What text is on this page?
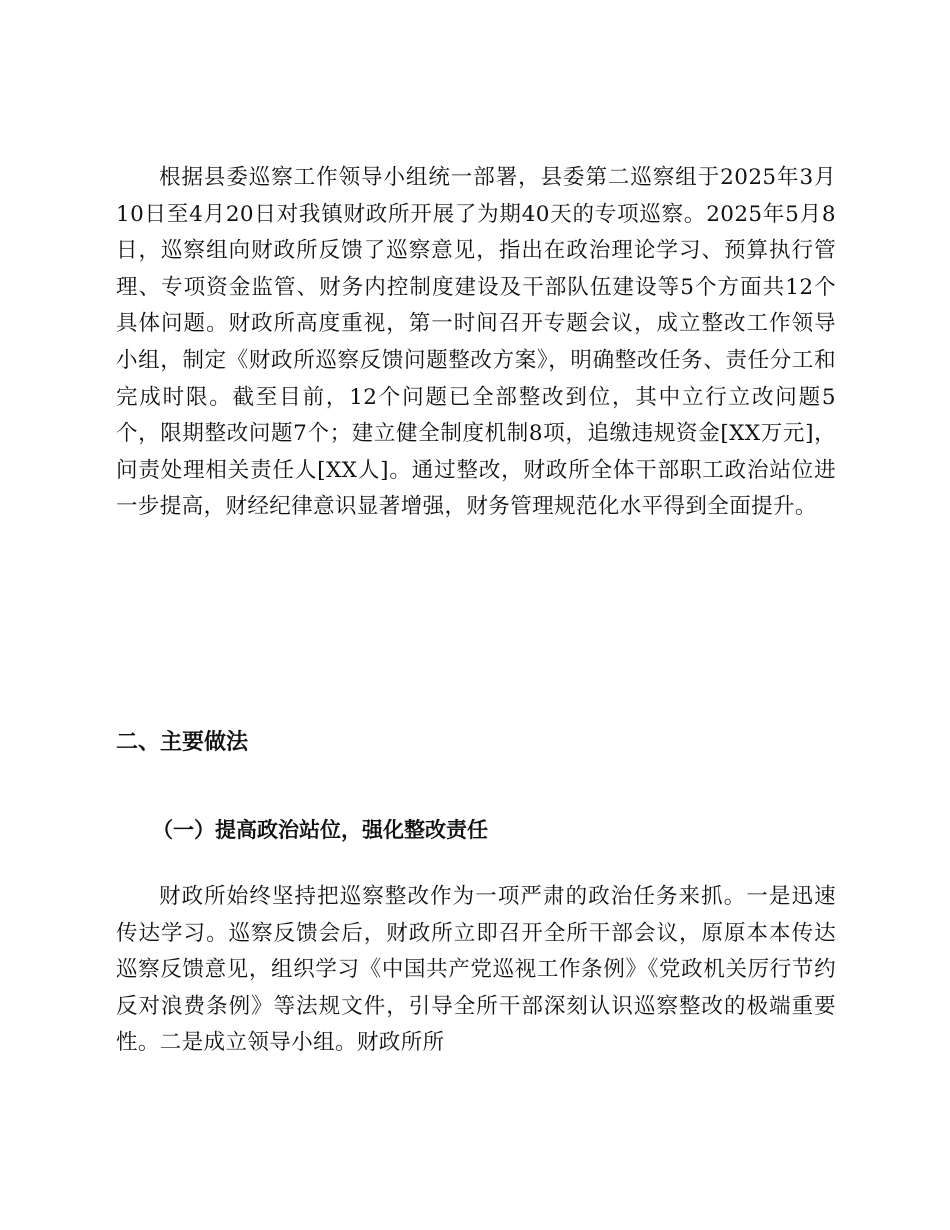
根据县委巡察工作领导小组统一部署，县委第二巡察组于2025年3月10日至4月20日对我镇财政所开展了为期40天的专项巡察。2025年5月8日，巡察组向财政所反馈了巡察意见，指出在政治理论学习、预算执行管理、专项资金监管、财务内控制度建设及干部队伍建设等5个方面共12个具体问题。财政所高度重视，第一时间召开专题会议，成立整改工作领导小组，制定《财政所巡察反馈问题整改方案》，明确整改任务、责任分工和完成时限。截至目前，12个问题已全部整改到位，其中立行立改问题5个，限期整改问题7个；建立健全制度机制8项，追缴违规资金[XX万元]，问责处理相关责任人[XX人]。通过整改，财政所全体干部职工政治站位进一步提高，财经纪律意识显著增强，财务管理规范化水平得到全面提升。

二、主要做法
（一）提高政治站位，强化整改责任

财政所始终坚持把巡察整改作为一项严肃的政治任务来抓。一是迅速传达学习。巡察反馈会后，财政所立即召开全所干部会议，原原本本传达巡察反馈意见，组织学习《中国共产党巡视工作条例》《党政机关厉行节约反对浪费条例》等法规文件，引导全所干部深刻认识巡察整改的极端重要性。二是成立领导小组。财政所所
